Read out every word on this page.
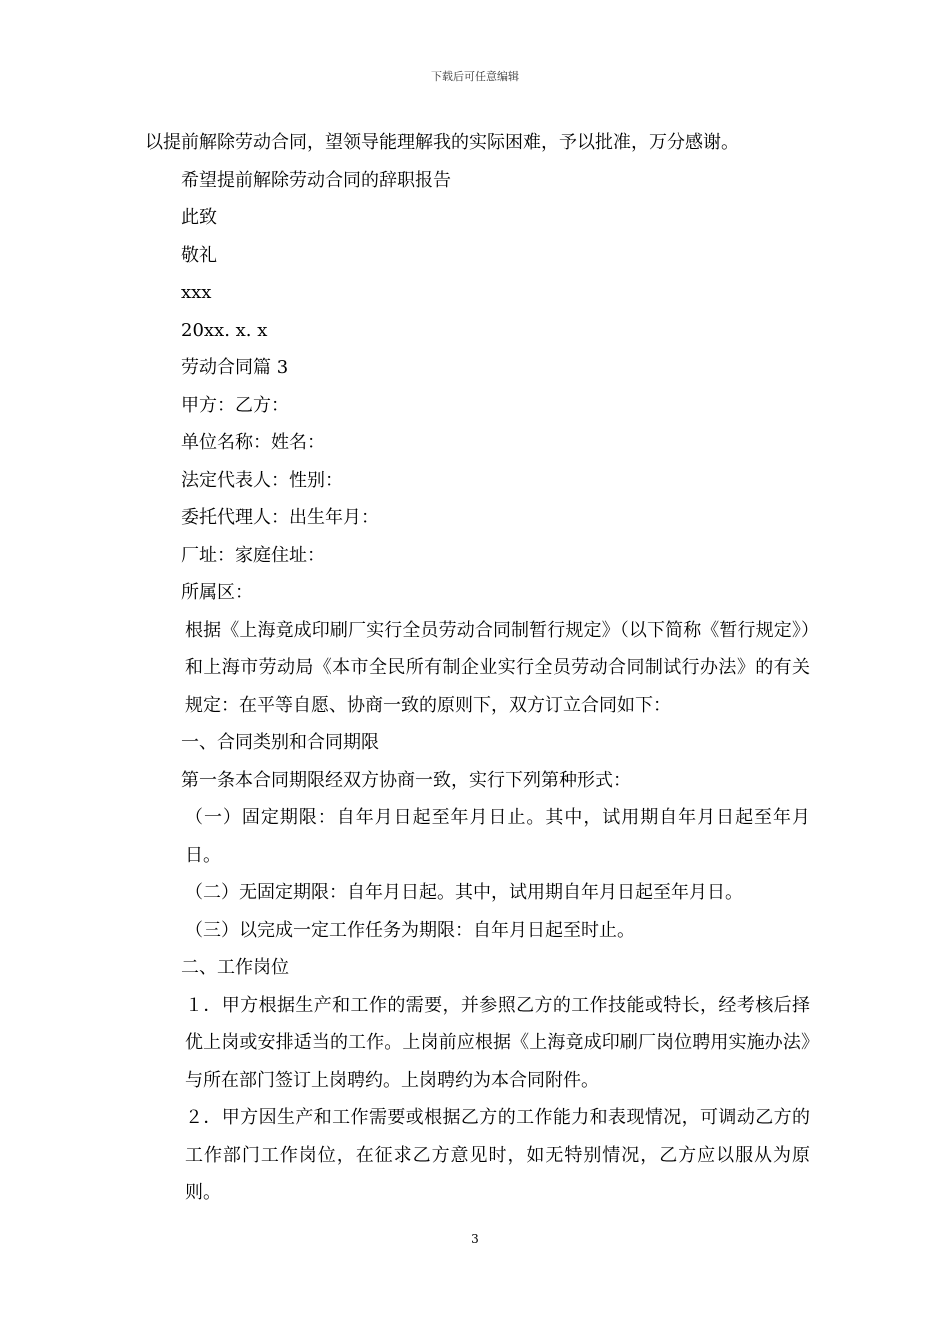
下载后可任意编辑

以提前解除劳动合同，望领导能理解我的实际困难，予以批准，万分感谢。

希望提前解除劳动合同的辞职报告

此致

敬礼

xxx

20xx. x. x

劳动合同篇 3

甲方：乙方：

单位名称：姓名：

法定代表人：性别：

委托代理人：出生年月：

厂址：家庭住址：

所属区：

根据《上海竟成印刷厂实行全员劳动合同制暂行规定》（以下简称《暂行规定》）和上海市劳动局《本市全民所有制企业实行全员劳动合同制试行办法》的有关规定：在平等自愿、协商一致的原则下，双方订立合同如下：

一、合同类别和合同期限

第一条本合同期限经双方协商一致，实行下列第种形式：

（一）固定期限：自年月日起至年月日止。其中，试用期自年月日起至年月日。

（二）无固定期限：自年月日起。其中，试用期自年月日起至年月日。

（三）以完成一定工作任务为期限：自年月日起至时止。

二、工作岗位

１．甲方根据生产和工作的需要，并参照乙方的工作技能或特长，经考核后择优上岗或安排适当的工作。上岗前应根据《上海竟成印刷厂岗位聘用实施办法》与所在部门签订上岗聘约。上岗聘约为本合同附件。

２．甲方因生产和工作需要或根据乙方的工作能力和表现情况，可调动乙方的工作部门工作岗位，在征求乙方意见时，如无特别情况，乙方应以服从为原则。

3
